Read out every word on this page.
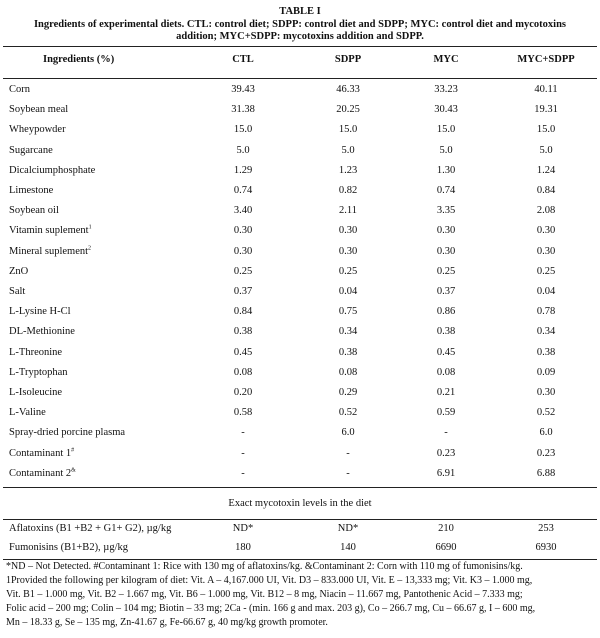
TABLE I
Ingredients of experimental diets. CTL: control diet; SDPP: control diet and SDPP; MYC: control diet and mycotoxins
addition; MYC+SDPP: mycotoxins addition and SDPP.
Ingredients (%)	CTL	SDPP	MYC	MYC+SDPP
Corn	39.43	46.33	33.23	40.11
Soybean meal	31.38	20.25	30.43	19.31
Wheypowder	15.0	15.0	15.0	15.0
Sugarcane	5.0	5.0	5.0	5.0
Dicalciumphosphate	1.29	1.23	1.30	1.24
Limestone	0.74	0.82	0.74	0.84
Soybean oil	3.40	2.11	3.35	2.08
Vitamin suplement$^1$	0.30	0.30	0.30	0.30
Mineral suplement$^2$	0.30	0.30	0.30	0.30
ZnO	0.25	0.25	0.25	0.25
Salt	0.37	0.04	0.37	0.04
L-Lysine H-Cl	0.84	0.75	0.86	0.78
DL-Methionine	0.38	0.34	0.38	0.34
L-Threonine	0.45	0.38	0.45	0.38
L-Tryptophan	0.08	0.08	0.08	0.09
L-Isoleucine	0.20	0.29	0.21	0.30
L-Valine	0.58	0.52	0.59	0.52
Spray-dried porcine plasma	-	6.0	-	6.0
Contaminant 1#	-	-	0.23	0.23
Contaminant 2&	-	-	6.91	6.88
Exact mycotoxin levels in the diet
Aflatoxins (B1 +B2 + G1+ G2), µg/kg	ND*	ND*	210	253
Fumonisins (B1+B2), µg/kg	180	140	6690	6930
*ND – Not Detected. #Contaminant 1: Rice with 130 mg of aflatoxins/kg. &Contaminant 2: Corn with 110 mg of fumonisins/kg.
1Provided the following per kilogram of diet: Vit. A – 4,167.000 UI, Vit. D3 – 833.000 UI, Vit. E – 13,333 mg; Vit. K3 – 1.000 mg,
Vit. B1 – 1.000 mg, Vit. B2 – 1.667 mg, Vit. B6 – 1.000 mg, Vit. B12 – 8 mg, Niacin – 11.667 mg, Pantothenic Acid – 7.333 mg;
Folic acid – 200 mg; Colin – 104 mg; Biotin – 33 mg; 2Ca - (min. 166 g and max. 203 g), Co – 266.7 mg, Cu – 66.67 g, I – 600 mg,
Mn – 18.33 g, Se – 135 mg, Zn-41.67 g, Fe-66.67 g, 40 mg/kg growth promoter.
